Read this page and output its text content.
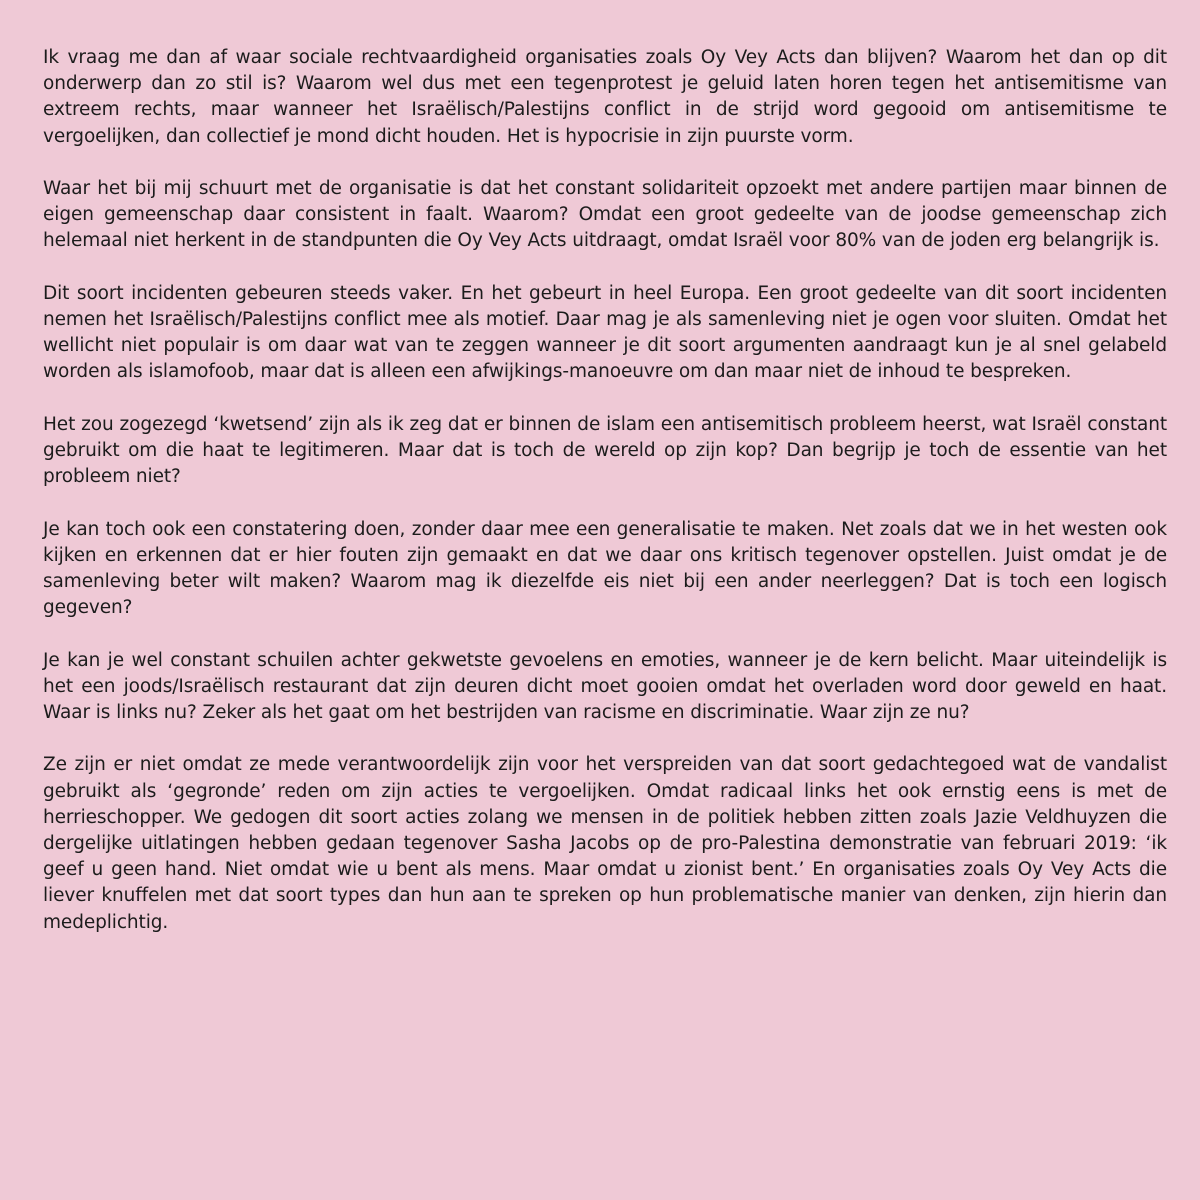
Ik vraag me dan af waar sociale rechtvaardigheid organisaties zoals Oy Vey Acts dan blijven? Waarom het dan op dit onderwerp dan zo stil is? Waarom wel dus met een tegenprotest je geluid laten horen tegen het antisemitisme van extreem rechts, maar wanneer het Israëlisch/Palestijns conflict in de strijd word gegooid om antisemitisme te vergoelijken, dan collectief je mond dicht houden. Het is hypocrisie in zijn puurste vorm.

Waar het bij mij schuurt met de organisatie is dat het constant solidariteit opzoekt met andere partijen maar binnen de eigen gemeenschap daar consistent in faalt. Waarom? Omdat een groot gedeelte van de joodse gemeenschap zich helemaal niet herkent in de standpunten die Oy Vey Acts uitdraagt, omdat Israël voor 80% van de joden erg belangrijk is.

Dit soort incidenten gebeuren steeds vaker. En het gebeurt in heel Europa. Een groot gedeelte van dit soort incidenten nemen het Israëlisch/Palestijns conflict mee als motief. Daar mag je als samenleving niet je ogen voor sluiten. Omdat het wellicht niet populair is om daar wat van te zeggen wanneer je dit soort argumenten aandraagt kun je al snel gelabeld worden als islamofoob, maar dat is alleen een afwijkings-manoeuvre om dan maar niet de inhoud te bespreken.

Het zou zogezegd ‘kwetsend’ zijn als ik zeg dat er binnen de islam een antisemitisch probleem heerst, wat Israël constant gebruikt om die haat te legitimeren. Maar dat is toch de wereld op zijn kop? Dan begrijp je toch de essentie van het probleem niet?

Je kan toch ook een constatering doen, zonder daar mee een generalisatie te maken. Net zoals dat we in het westen ook kijken en erkennen dat er hier fouten zijn gemaakt en dat we daar ons kritisch tegenover opstellen. Juist omdat je de samenleving beter wilt maken? Waarom mag ik diezelfde eis niet bij een ander neerleggen? Dat is toch een logisch gegeven?

Je kan je wel constant schuilen achter gekwetste gevoelens en emoties, wanneer je de kern belicht. Maar uiteindelijk is het een joods/Israëlisch restaurant dat zijn deuren dicht moet gooien omdat het overladen word door geweld en haat. Waar is links nu? Zeker als het gaat om het bestrijden van racisme en discriminatie. Waar zijn ze nu?

Ze zijn er niet omdat ze mede verantwoordelijk zijn voor het verspreiden van dat soort gedachtegoed wat de vandalist gebruikt als ‘gegronde’ reden om zijn acties te vergoelijken. Omdat radicaal links het ook ernstig eens is met de herrieschopper. We gedogen dit soort acties zolang we mensen in de politiek hebben zitten zoals Jazie Veldhuyzen die dergelijke uitlatingen hebben gedaan tegenover Sasha Jacobs op de pro-Palestina demonstratie van februari 2019: ‘ik geef u geen hand. Niet omdat wie u bent als mens. Maar omdat u zionist bent.’ En organisaties zoals Oy Vey Acts die liever knuffelen met dat soort types dan hun aan te spreken op hun problematische manier van denken, zijn hierin dan medeplichtig.
